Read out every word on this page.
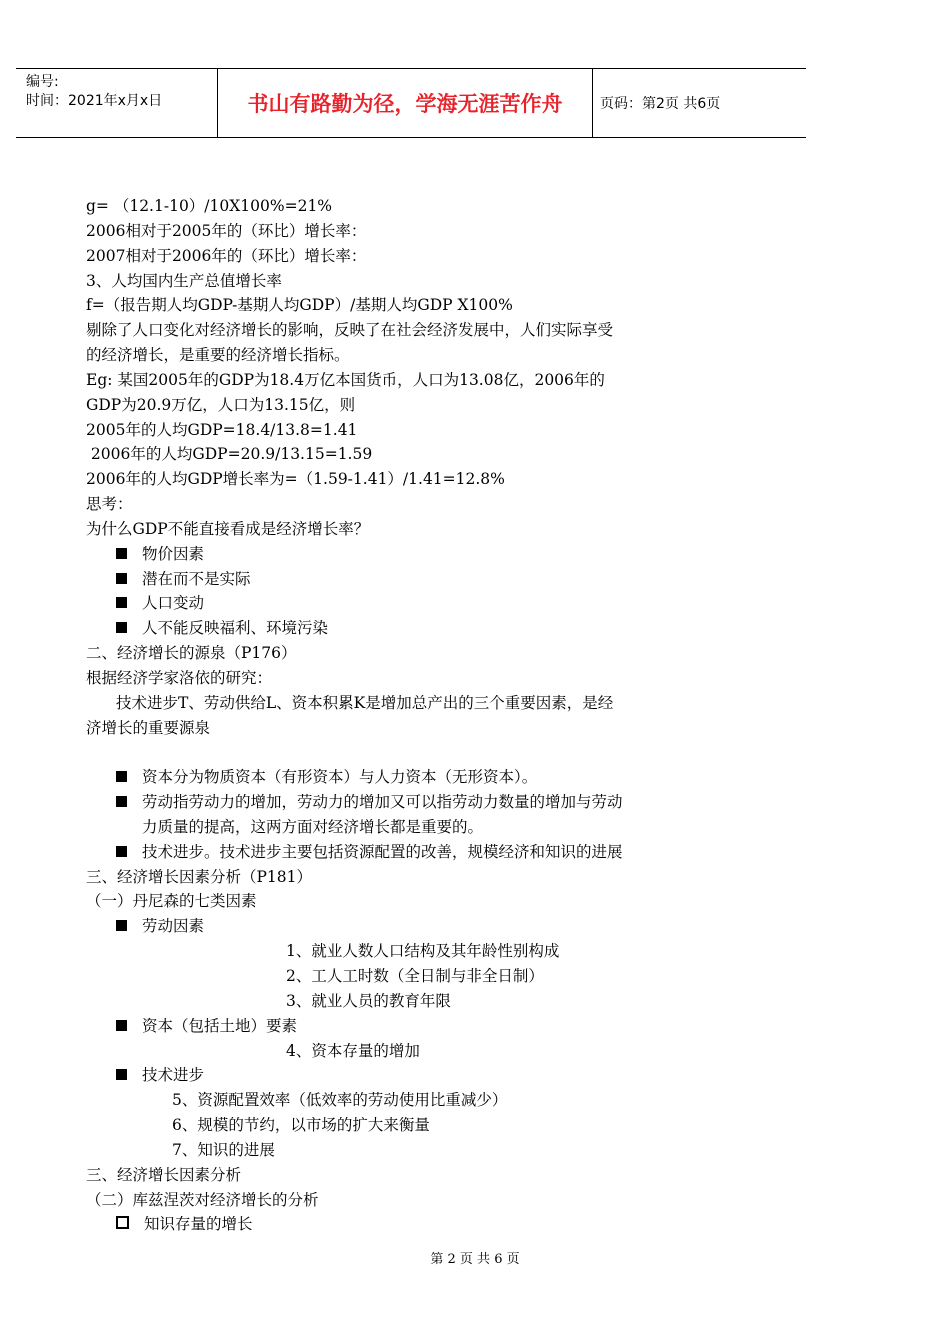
编号:
时间：2021年x月x日	书山有路勤为径，学海无涯苦作舟	页码：第2页 共6页
g= （12.1-10）/10X100%=21%
2006相对于2005年的（环比）增长率：
2007相对于2006年的（环比）增长率：
3、人均国内生产总值增长率
f=（报告期人均GDP-基期人均GDP）/基期人均GDP X100%
剔除了人口变化对经济增长的影响，反映了在社会经济发展中，人们实际享受
的经济增长，是重要的经济增长指标。
Eg: 某国2005年的GDP为18.4万亿本国货币，人口为13.08亿，2006年的
GDP为20.9万亿，人口为13.15亿，则
2005年的人均GDP=18.4/13.8=1.41
2006年的人均GDP=20.9/13.15=1.59
2006年的人均GDP增长率为=（1.59-1.41）/1.41=12.8%
思考：
为什么GDP不能直接看成是经济增长率？
物价因素
潜在而不是实际
人口变动
人不能反映福利、环境污染
二、经济增长的源泉（P176）
根据经济学家洛依的研究：
技术进步T、劳动供给L、资本积累K是增加总产出的三个重要因素，是经
济增长的重要源泉
资本分为物质资本（有形资本）与人力资本（无形资本）。
劳动指劳动力的增加，劳动力的增加又可以指劳动力数量的增加与劳动
力质量的提高，这两方面对经济增长都是重要的。
技术进步。技术进步主要包括资源配置的改善，规模经济和知识的进展
三、经济增长因素分析（P181）
（一）丹尼森的七类因素
劳动因素
1、就业人数人口结构及其年龄性别构成
2、工人工时数（全日制与非全日制）
3、就业人员的教育年限
资本（包括土地）要素
4、资本存量的增加
技术进步
5、资源配置效率（低效率的劳动使用比重减少）
6、规模的节约，以市场的扩大来衡量
7、知识的进展
三、经济增长因素分析
（二）库兹涅茨对经济增长的分析
知识存量的增长
第 2 页 共 6 页
